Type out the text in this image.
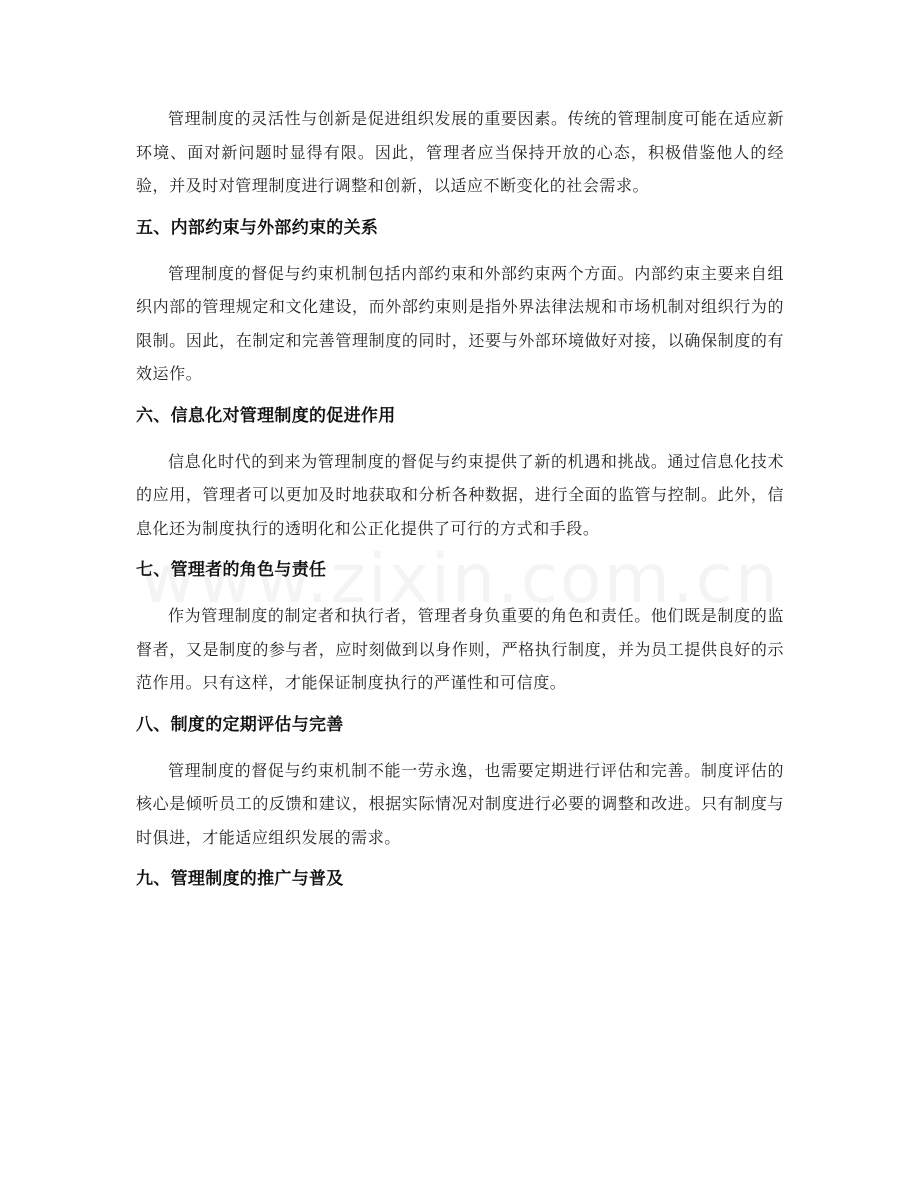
管理制度的灵活性与创新是促进组织发展的重要因素。传统的管理制度可能在适应新环境、面对新问题时显得有限。因此，管理者应当保持开放的心态，积极借鉴他人的经验，并及时对管理制度进行调整和创新，以适应不断变化的社会需求。

五、内部约束与外部约束的关系

管理制度的督促与约束机制包括内部约束和外部约束两个方面。内部约束主要来自组织内部的管理规定和文化建设，而外部约束则是指外界法律法规和市场机制对组织行为的限制。因此，在制定和完善管理制度的同时，还要与外部环境做好对接，以确保制度的有效运作。

六、信息化对管理制度的促进作用

信息化时代的到来为管理制度的督促与约束提供了新的机遇和挑战。通过信息化技术的应用，管理者可以更加及时地获取和分析各种数据，进行全面的监管与控制。此外，信息化还为制度执行的透明化和公正化提供了可行的方式和手段。

七、管理者的角色与责任

作为管理制度的制定者和执行者，管理者身负重要的角色和责任。他们既是制度的监督者，又是制度的参与者，应时刻做到以身作则，严格执行制度，并为员工提供良好的示范作用。只有这样，才能保证制度执行的严谨性和可信度。

八、制度的定期评估与完善

管理制度的督促与约束机制不能一劳永逸，也需要定期进行评估和完善。制度评估的核心是倾听员工的反馈和建议，根据实际情况对制度进行必要的调整和改进。只有制度与时俱进，才能适应组织发展的需求。

九、管理制度的推广与普及
